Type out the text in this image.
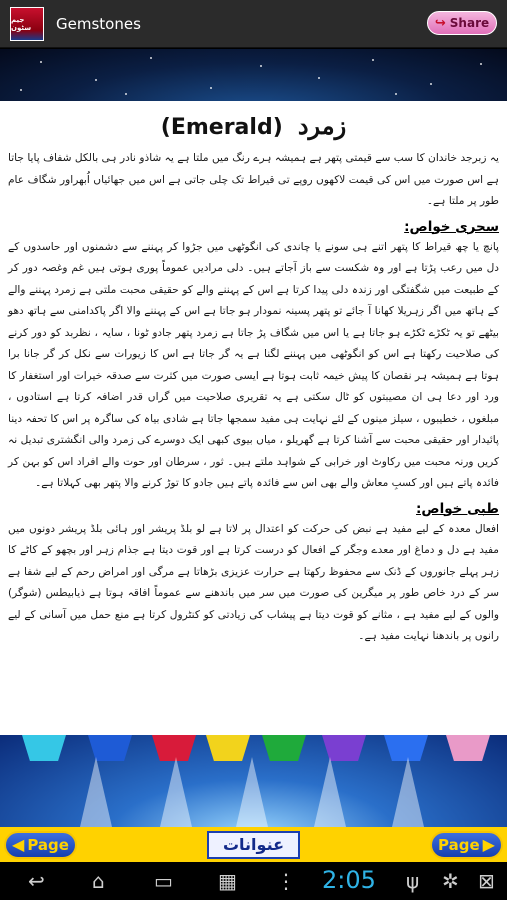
جیم سٹون	Gemstones	↪ Share
زمرد (Emerald)

یہ زبرجد خاندان کا سب سے قیمتی پتھر ہے ہمیشہ ہرے رنگ میں ملتا ہے یہ شاذو نادر ہی بالکل شفاف پایا جاتا ہے اس صورت میں اس کی قیمت لاکھوں روپے تی قیراط تک چلی جاتی ہے اس میں جھائیاں اُبھراور شگاف عام طور پر ملتا ہے۔

سحری خواص:

پانچ یا چھ قیراط کا پتھر اتنے ہی سونے یا چاندی کی انگوٹھی میں جڑوا کر پہننے سے دشمنوں اور حاسدوں کے دل میں رعب پڑتا ہے اور وہ شکست سے باز آجاتے ہیں۔ دلی مرادیں عموماً پوری ہوتی ہیں غم وغصہ دور کر کے طبیعت میں شگفتگی اور زندہ دلی پیدا کرتا ہے اس کے پہننے والے کو حقیقی محبت ملتی ہے زمرد پہننے والے کے ہاتھ میں اگر زہریلا کھانا آ جائے تو پتھر پسینہ نمودار ہو جاتا ہے اس کے پہننے والا اگر پاکدامنی سے ہاتھ دھو بیٹھے تو یہ ٹکڑے ٹکڑے ہو جاتا ہے یا اس میں شگاف پڑ جاتا ہے زمرد پتھر جادو ٹونا ، سایہ ، نظربد کو دور کرنے کی صلاحیت رکھتا ہے اس کو انگوٹھی میں پہننے لگنا ہے یہ گر جاتا ہے اس کا زیورات سے نکل کر گر جانا برا ہوتا ہے ہمیشہ ہر نقصان کا پیش خیمہ ثابت ہوتا ہے ایسی صورت میں کثرت سے صدقہ خیرات اور استغفار کا ورد اور دعا ہی ان مصیبتوں کو ٹال سکتی ہے یہ تقریری صلاحیت میں گراں قدر اضافہ کرتا ہے استادوں ، مبلغوں ، خطیبوں ، سیلز مینوں کے لئے نہایت ہی مفید سمجھا جاتا ہے شادی بیاہ کی ساگرہ پر اس کا تحفہ دینا پائیدار اور حقیقی محبت سے آشنا کرتا ہے گھریلو ، میاں بیوی کبھی ایک دوسرے کی زمرد والی انگشتری تبدیل نہ کریں ورنہ محبت میں رکاوٹ اور خرابی کے شواہد ملتے ہیں۔ ثور ، سرطان اور حوت والے افراد اس کو بہن کر فائدہ پاتے ہیں اور کسبِ معاش والے بھی اس سے فائدہ پاتے ہیں جادو کا توڑ کرنے والا پتھر بھی کہلاتا ہے۔

طبی خواص:

افعال معدہ کے لیے مفید ہے نبض کی حرکت کو اعتدال پر لاتا ہے لو بلڈ پریشر اور ہائی بلڈ پریشر دونوں میں مفید ہے دل و دماغ اور معدے وجگر کے افعال کو درست کرتا ہے اور قوت دیتا ہے جذام زہر اور بچھو کے کاٹے کا زہر پہلے جانوروں کے ڈنک سے محفوظ رکھتا ہے حرارت عزیزی بڑھاتا ہے مرگی اور امراض رحم کے لیے شفا ہے سر کے درد خاص طور پر میگرین کی صورت میں سر میں باندھنے سے عموماً افاقہ ہوتا ہے ذیابیطس (شوگر) والوں کے لیے مفید ہے ، مثانے کو قوت دیتا ہے پیشاب کی زیادتی کو کنٹرول کرتا ہے منع حمل میں آسانی کے لیے رانوں پر باندھنا نہایت مفید ہے۔

◀ Page	عنوانات	Page ▶
↩ ⌂ ▭ ▦ ⋮ 2:05 ψ ✲ ⊠
